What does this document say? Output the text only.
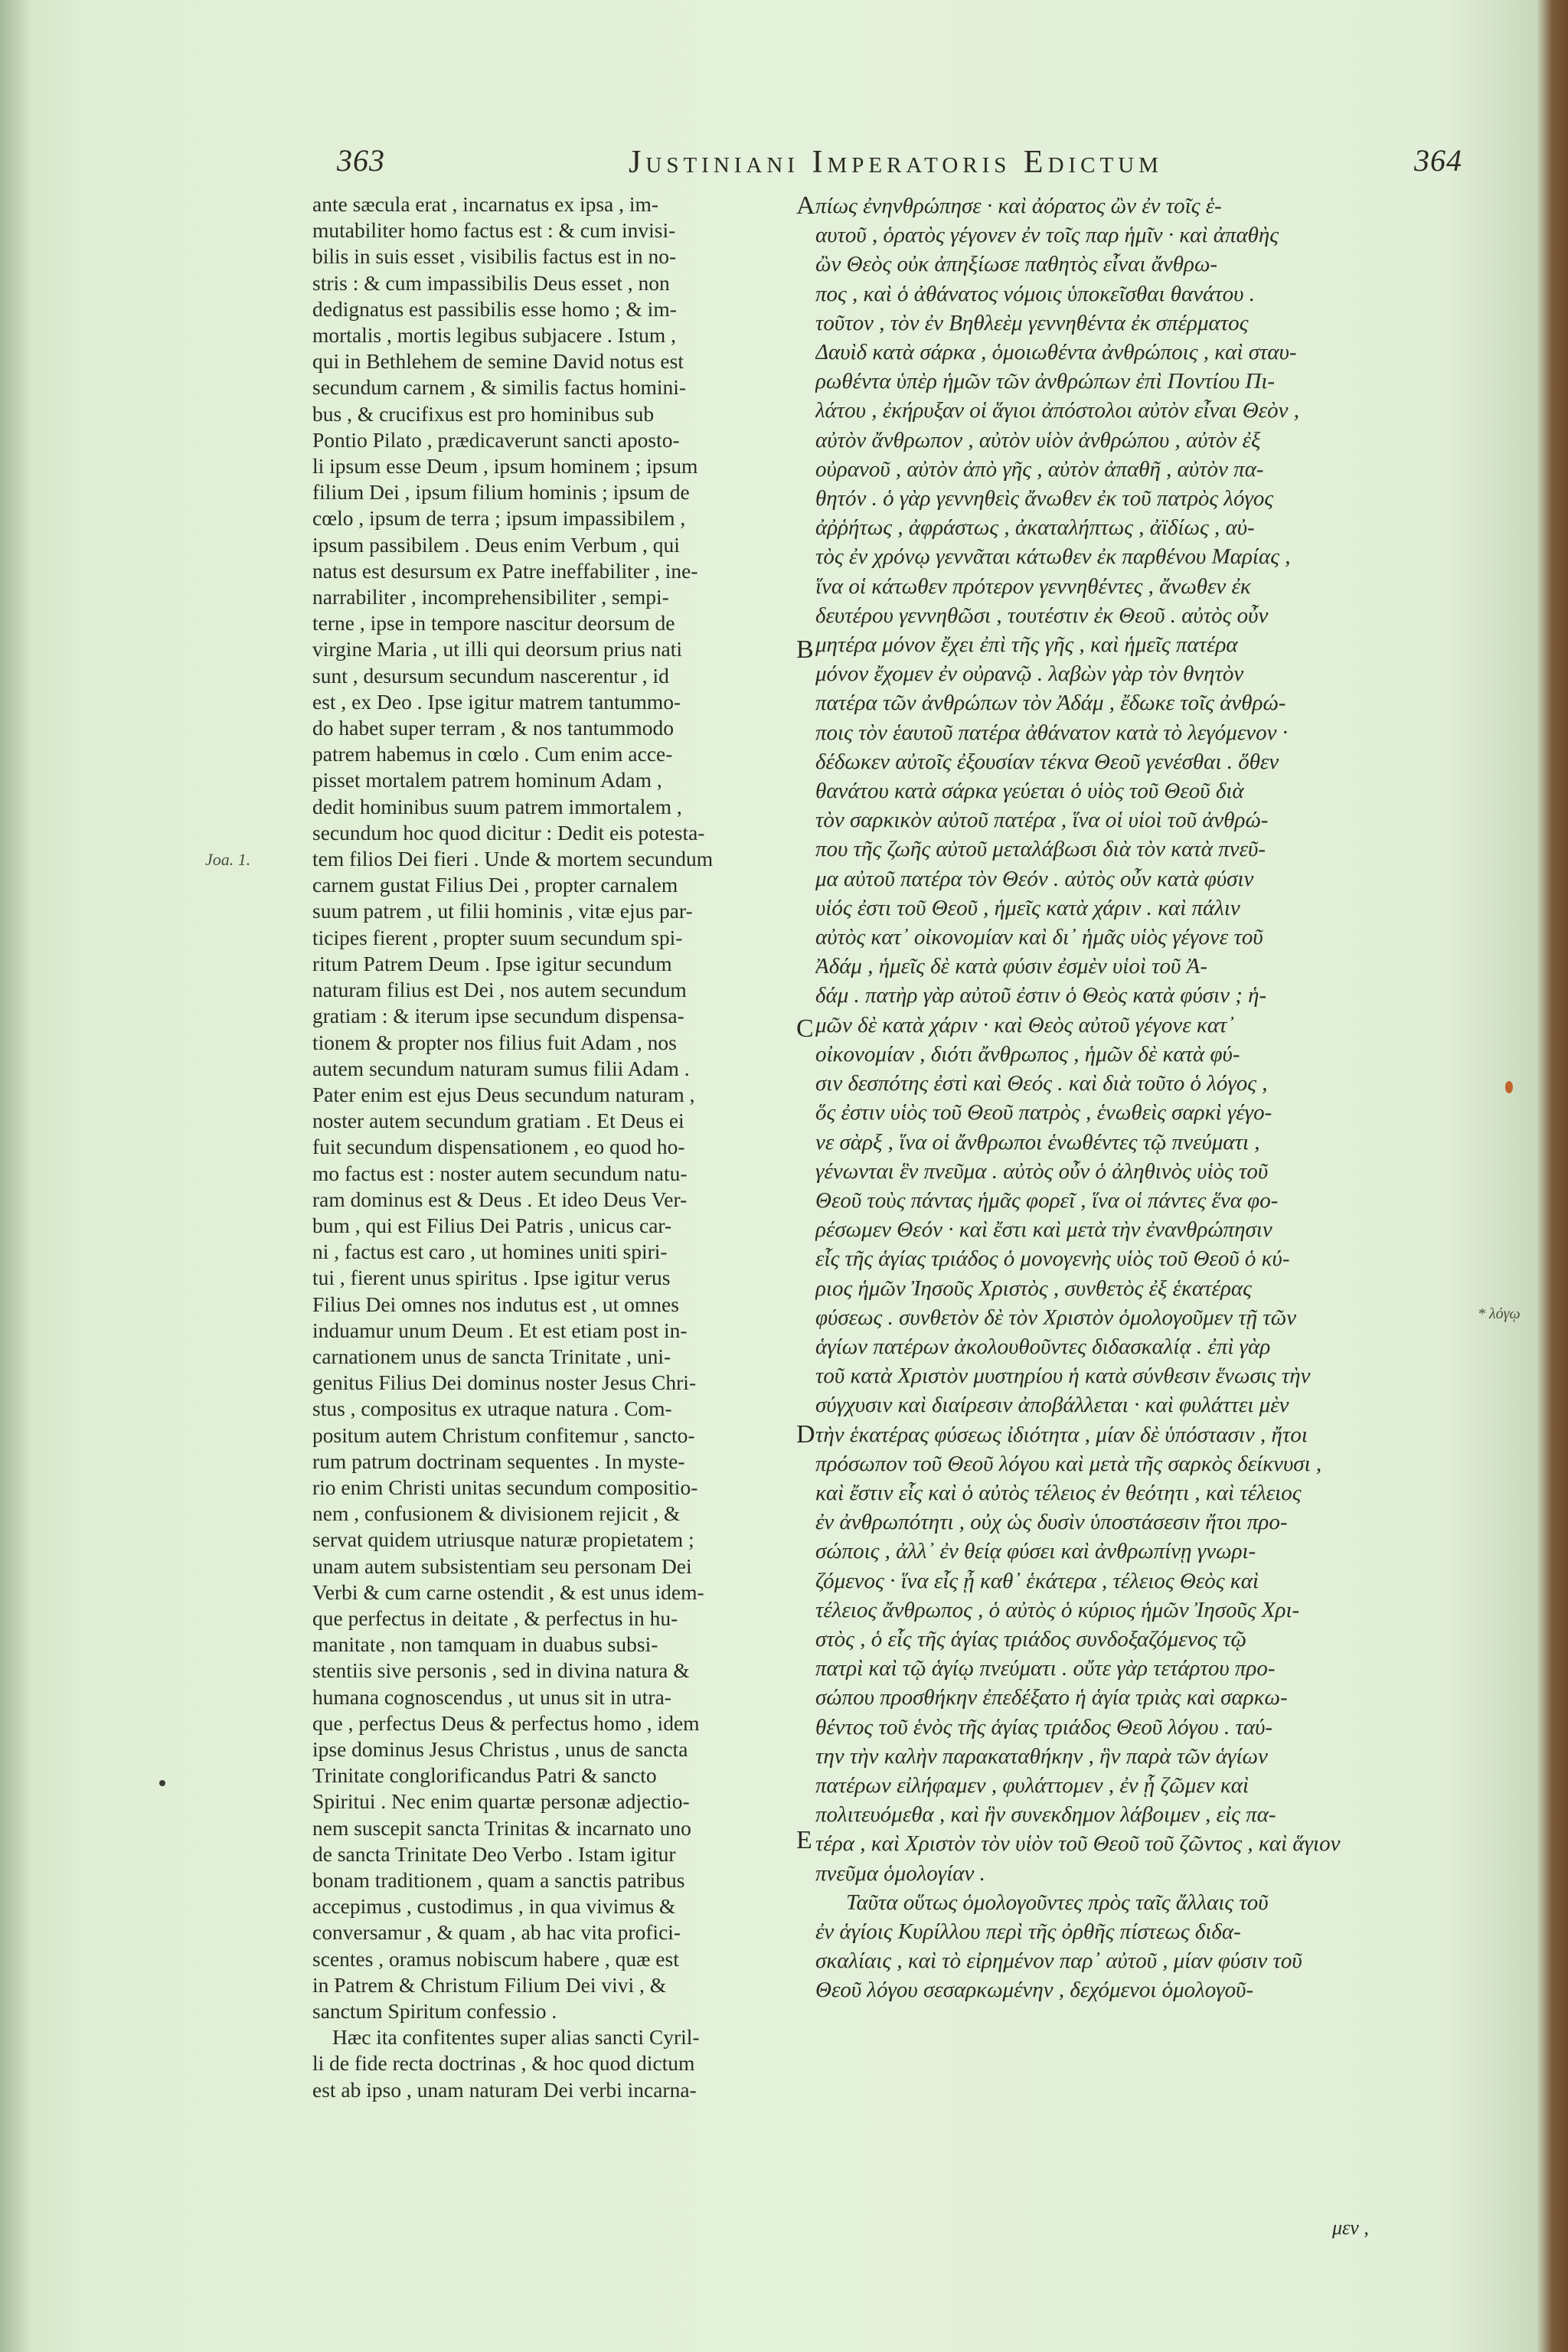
363	Justiniani Imperatoris Edictum	364
ante sæcula erat , incarnatus ex ipsa , im-
mutabiliter homo factus est : & cum invisi-
bilis in suis esset , visibilis factus est in no-
stris : & cum impassibilis Deus esset , non
dedignatus est passibilis esse homo ; & im-
mortalis , mortis legibus subjacere . Istum ,
qui in Bethlehem de semine David notus est
secundum carnem , & similis factus homini-
bus , & crucifixus est pro hominibus sub
Pontio Pilato , prædicaverunt sancti aposto-
li ipsum esse Deum , ipsum hominem ; ipsum
filium Dei , ipsum filium hominis ; ipsum de
cœlo , ipsum de terra ; ipsum impassibilem ,
ipsum passibilem . Deus enim Verbum , qui
natus est desursum ex Patre ineffabiliter , ine-
narrabiliter , incomprehensibiliter , sempi-
terne , ipse in tempore nascitur deorsum de
virgine Maria , ut illi qui deorsum prius nati
sunt , desursum secundum nascerentur , id
est , ex Deo . Ipse igitur matrem tantummo-
do habet super terram , & nos tantummodo
patrem habemus in cœlo . Cum enim acce-
pisset mortalem patrem hominum Adam ,
dedit hominibus suum patrem immortalem ,
secundum hoc quod dicitur : Dedit eis potesta-
tem filios Dei fieri . Unde & mortem secundum
carnem gustat Filius Dei , propter carnalem
suum patrem , ut filii hominis , vitæ ejus par-
ticipes fierent , propter suum secundum spi-
ritum Patrem Deum . Ipse igitur secundum
naturam filius est Dei , nos autem secundum
gratiam : & iterum ipse secundum dispensa-
tionem & propter nos filius fuit Adam , nos
autem secundum naturam sumus filii Adam .
Pater enim est ejus Deus secundum naturam ,
noster autem secundum gratiam . Et Deus ei
fuit secundum dispensationem , eo quod ho-
mo factus est : noster autem secundum natu-
ram dominus est & Deus . Et ideo Deus Ver-
bum , qui est Filius Dei Patris , unicus car-
ni , factus est caro , ut homines uniti spiri-
tui , fierent unus spiritus . Ipse igitur verus
Filius Dei omnes nos indutus est , ut omnes
induamur unum Deum . Et est etiam post in-
carnationem unus de sancta Trinitate , uni-
genitus Filius Dei dominus noster Jesus Chri-
stus , compositus ex utraque natura . Com-
positum autem Christum confitemur , sancto-
rum patrum doctrinam sequentes . In myste-
rio enim Christi unitas secundum compositio-
nem , confusionem & divisionem rejicit , &
servat quidem utriusque naturæ propietatem ;
unam autem subsistentiam seu personam Dei
Verbi & cum carne ostendit , & est unus idem-
que perfectus in deitate , & perfectus in hu-
manitate , non tamquam in duabus subsi-
stentiis sive personis , sed in divina natura &
humana cognoscendus , ut unus sit in utra-
que , perfectus Deus & perfectus homo , idem
ipse dominus Jesus Christus , unus de sancta
Trinitate conglorificandus Patri & sancto
Spiritui . Nec enim quartæ personæ adjectio-
nem suscepit sancta Trinitas & incarnato uno
de sancta Trinitate Deo Verbo . Istam igitur
bonam traditionem , quam a sanctis patribus
accepimus , custodimus , in qua vivimus &
conversamur , & quam , ab hac vita profici-
scentes , oramus nobiscum habere , quæ est
in Patrem & Christum Filium Dei vivi , &
sanctum Spiritum confessio .
Hæc ita confitentes super alias sancti Cyril-
li de fide recta doctrinas , & hoc quod dictum
est ab ipso , unam naturam Dei verbi incarna-
A
B
C
D
E
πίως ἐνηνθρώπησε · καὶ ἀόρατος ὢν ἐν τοῖς ἑ-
αυτοῦ , ὁρατὸς γέγονεν ἐν τοῖς παρ ἡμῖν · καὶ ἀπαθὴς
ὢν Θεὸς οὐκ ἀπηξίωσε παθητὸς εἶναι ἄνθρω-
πος , καὶ ὁ ἀθάνατος νόμοις ὑποκεῖσθαι θανάτου .
τοῦτον , τὸν ἐν Βηθλεὲμ γεννηθέντα ἐκ σπέρματος
Δαυὶδ κατὰ σάρκα , ὁμοιωθέντα ἀνθρώποις , καὶ σταυ-
ρωθέντα ὑπὲρ ἡμῶν τῶν ἀνθρώπων ἐπὶ Ποντίου Πι-
λάτου , ἐκήρυξαν οἱ ἅγιοι ἀπόστολοι αὐτὸν εἶναι Θεὸν ,
αὐτὸν ἄνθρωπον , αὐτὸν υἱὸν ἀνθρώπου , αὐτὸν ἐξ
οὐρανοῦ , αὐτὸν ἀπὸ γῆς , αὐτὸν ἀπαθῆ , αὐτὸν πα-
θητόν . ὁ γὰρ γεννηθεὶς ἄνωθεν ἐκ τοῦ πατρὸς λόγος
ἀῤῥήτως , ἀφράστως , ἀκαταλήπτως , ἀϊδίως , αὐ-
τὸς ἐν χρόνῳ γεννᾶται κάτωθεν ἐκ παρθένου Μαρίας ,
ἵνα οἱ κάτωθεν πρότερον γεννηθέντες , ἄνωθεν ἐκ
δευτέρου γεννηθῶσι , τουτέστιν ἐκ Θεοῦ . αὐτὸς οὖν
μητέρα μόνον ἔχει ἐπὶ τῆς γῆς , καὶ ἡμεῖς πατέρα
μόνον ἔχομεν ἐν οὐρανῷ . λαβὼν γὰρ τὸν θνητὸν
πατέρα τῶν ἀνθρώπων τὸν Ἀδάμ , ἔδωκε τοῖς ἀνθρώ-
ποις τὸν ἑαυτοῦ πατέρα ἀθάνατον κατὰ τὸ λεγόμενον ·
δέδωκεν αὐτοῖς ἐξουσίαν τέκνα Θεοῦ γενέσθαι . ὅθεν
θανάτου κατὰ σάρκα γεύεται ὁ υἱὸς τοῦ Θεοῦ διὰ
τὸν σαρκικὸν αὐτοῦ πατέρα , ἵνα οἱ υἱοὶ τοῦ ἀνθρώ-
που τῆς ζωῆς αὐτοῦ μεταλάβωσι διὰ τὸν κατὰ πνεῦ-
μα αὐτοῦ πατέρα τὸν Θεόν . αὐτὸς οὖν κατὰ φύσιν
υἱός ἐστι τοῦ Θεοῦ , ἡμεῖς κατὰ χάριν . καὶ πάλιν
αὐτὸς κατ᾽ οἰκονομίαν καὶ δι᾽ ἡμᾶς υἱὸς γέγονε τοῦ
Ἀδάμ , ἡμεῖς δὲ κατὰ φύσιν ἐσμὲν υἱοὶ τοῦ Ἀ-
δάμ . πατὴρ γὰρ αὐτοῦ ἐστιν ὁ Θεὸς κατὰ φύσιν ; ἡ-
μῶν δὲ κατὰ χάριν · καὶ Θεὸς αὐτοῦ γέγονε κατ᾽
οἰκονομίαν , διότι ἄνθρωπος , ἡμῶν δὲ κατὰ φύ-
σιν δεσπότης ἐστὶ καὶ Θεός . καὶ διὰ τοῦτο ὁ λόγος ,
ὅς ἐστιν υἱὸς τοῦ Θεοῦ πατρὸς , ἑνωθεὶς σαρκὶ γέγο-
νε σὰρξ , ἵνα οἱ ἄνθρωποι ἑνωθέντες τῷ πνεύματι ,
γένωνται ἓν πνεῦμα . αὐτὸς οὖν ὁ ἀληθινὸς υἱὸς τοῦ
Θεοῦ τοὺς πάντας ἡμᾶς φορεῖ , ἵνα οἱ πάντες ἕνα φο-
ρέσωμεν Θεόν · καὶ ἔστι καὶ μετὰ τὴν ἐνανθρώπησιν
εἷς τῆς ἁγίας τριάδος ὁ μονογενὴς υἱὸς τοῦ Θεοῦ ὁ κύ-
ριος ἡμῶν Ἰησοῦς Χριστὸς , συνθετὸς ἐξ ἑκατέρας
φύσεως . συνθετὸν δὲ τὸν Χριστὸν ὁμολογοῦμεν τῇ τῶν
ἁγίων πατέρων ἀκολουθοῦντες διδασκαλίᾳ . ἐπὶ γὰρ
τοῦ κατὰ Χριστὸν μυστηρίου ἡ κατὰ σύνθεσιν ἕνωσις τὴν
σύγχυσιν καὶ διαίρεσιν ἀποβάλλεται · καὶ φυλάττει μὲν
τὴν ἑκατέρας φύσεως ἰδιότητα , μίαν δὲ ὑπόστασιν , ἤτοι
πρόσωπον τοῦ Θεοῦ λόγου καὶ μετὰ τῆς σαρκὸς δείκνυσι ,
καὶ ἔστιν εἷς καὶ ὁ αὐτὸς τέλειος ἐν θεότητι , καὶ τέλειος
ἐν ἀνθρωπότητι , οὐχ ὡς δυσὶν ὑποστάσεσιν ἤτοι προ-
σώποις , ἀλλ᾽ ἐν θείᾳ φύσει καὶ ἀνθρωπίνῃ γνωρι-
ζόμενος · ἵνα εἷς ᾖ καθ᾽ ἑκάτερα , τέλειος Θεὸς καὶ
τέλειος ἄνθρωπος , ὁ αὐτὸς ὁ κύριος ἡμῶν Ἰησοῦς Χρι-
στὸς , ὁ εἷς τῆς ἁγίας τριάδος συνδοξαζόμενος τῷ
πατρὶ καὶ τῷ ἁγίῳ πνεύματι . οὔτε γὰρ τετάρτου προ-
σώπου προσθήκην ἐπεδέξατο ἡ ἁγία τριὰς καὶ σαρκω-
θέντος τοῦ ἑνὸς τῆς ἁγίας τριάδος Θεοῦ λόγου . ταύ-
την τὴν καλὴν παρακαταθήκην , ἣν παρὰ τῶν ἁγίων
πατέρων εἰλήφαμεν , φυλάττομεν , ἐν ᾗ ζῶμεν καὶ
πολιτευόμεθα , καὶ ἣν συνεκδημον λάβοιμεν , εἰς πα-
τέρα , καὶ Χριστὸν τὸν υἱὸν τοῦ Θεοῦ τοῦ ζῶντος , καὶ ἅγιον
πνεῦμα ὁμολογίαν .
Ταῦτα οὕτως ὁμολογοῦντες πρὸς ταῖς ἄλλαις τοῦ
ἐν ἁγίοις Κυρίλλου περὶ τῆς ὀρθῆς πίστεως διδα-
σκαλίαις , καὶ τὸ εἰρημένον παρ᾽ αὐτοῦ , μίαν φύσιν τοῦ
Θεοῦ λόγου σεσαρκωμένην , δεχόμενοι ὁμολογοῦ-
Joa. 1.
* λόγῳ
μεν ,
